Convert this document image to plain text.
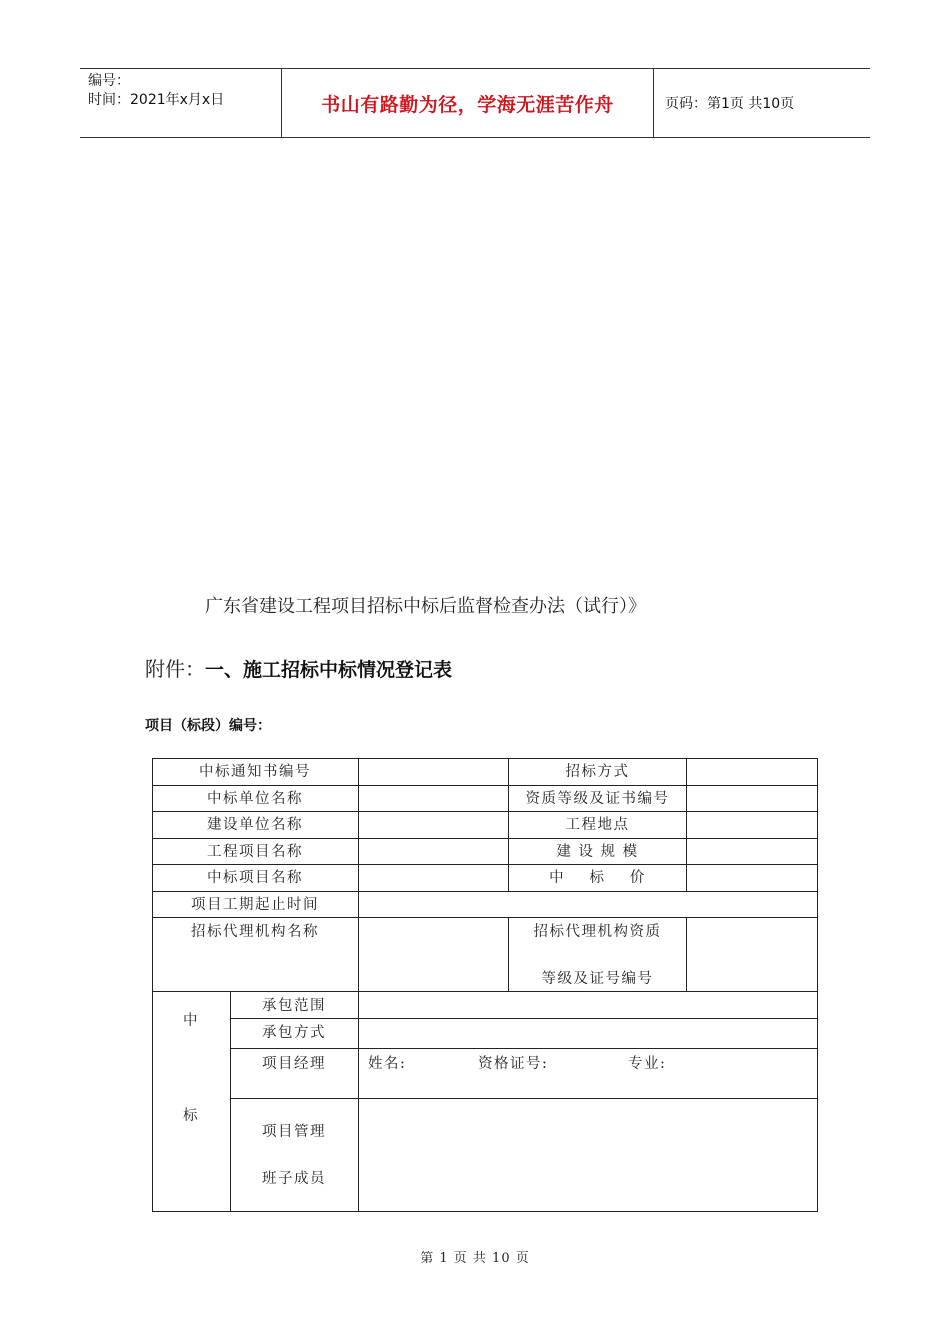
编号：
时间：2021年x月x日	书山有路勤为径，学海无涯苦作舟	页码：第1页 共10页
广东省建设工程项目招标中标后监督检查办法（试行）》
附件：一、施工招标中标情况登记表
项目（标段）编号：
中标通知书编号	招标方式
中标单位名称	资质等级及证书编号
建设单位名称	工程地点
工程项目名称	建 设 规 模
中标项目名称	中    标    价
项目工期起止时间
招标代理机构名称	招标代理机构资质
等级及证号编号
中
标
承包范围
承包方式
项目经理	姓名:	资格证号:	专业:
项目管理
班子成员
第 1 页 共 10 页
